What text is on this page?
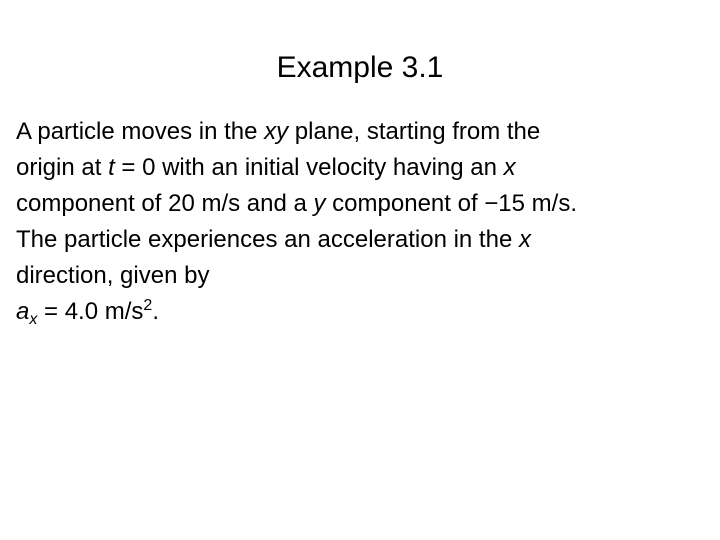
Example 3.1
A particle moves in the xy plane, starting from the
origin at t = 0 with an initial velocity having an x
component of 20 m/s and a y component of −15 m/s.
The particle experiences an acceleration in the x
direction, given by
$a_x = 4.0$ $m/s^2$.
